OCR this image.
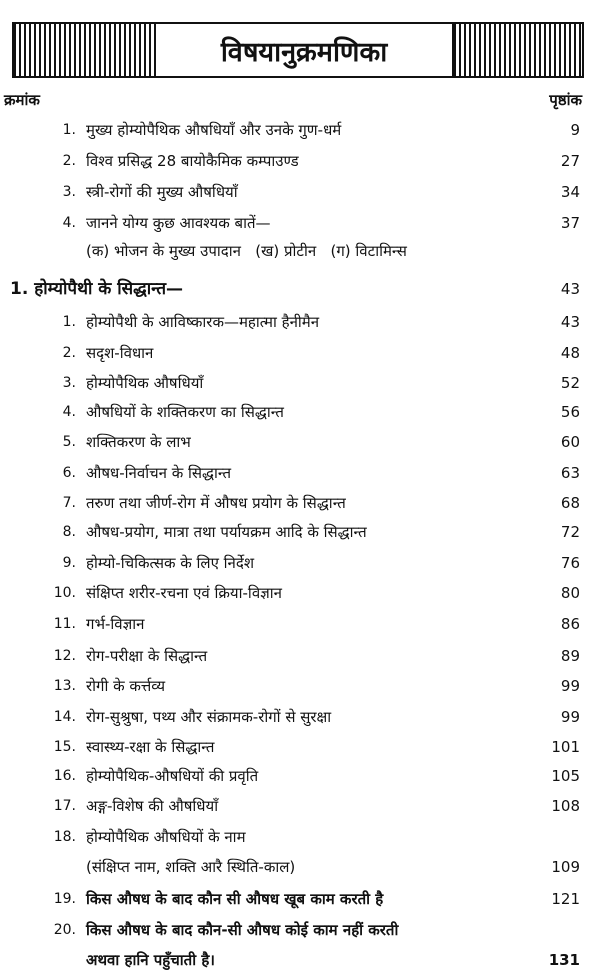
विषयानुक्रमणिका
क्रमांक	पृष्ठांक
1. मुख्य होम्योपैथिक औषधियाँ और उनके गुण-धर्म	9
2. विश्व प्रसिद्ध 28 बायोकैमिक कम्पाउण्ड	27
3. स्त्री-रोगों की मुख्य औषधियाँ	34
4. जानने योग्य कुछ आवश्यक बातें—	37
(क) भोजन के मुख्य उपादान   (ख) प्रोटीन   (ग) विटामिन्स
1. होम्योपैथी के सिद्धान्त—	43
1. होम्योपैथी के आविष्कारक—महात्मा हैनीमैन	43
2. सदृश-विधान	48
3. होम्योपैथिक औषधियाँ	52
4. औषधियों के शक्तिकरण का सिद्धान्त	56
5. शक्तिकरण के लाभ	60
6. औषध-निर्वाचन के सिद्धान्त	63
7. तरुण तथा जीर्ण-रोग में औषध प्रयोग के सिद्धान्त	68
8. औषध-प्रयोग, मात्रा तथा पर्यायक्रम आदि के सिद्धान्त	72
9. होम्यो-चिकित्सक के लिए निर्देश	76
10. संक्षिप्त शरीर-रचना एवं क्रिया-विज्ञान	80
11. गर्भ-विज्ञान	86
12. रोग-परीक्षा के सिद्धान्त	89
13. रोगी के कर्त्तव्य	99
14. रोग-सुश्रुषा, पथ्य और संक्रामक-रोगों से सुरक्षा	99
15. स्वास्थ्य-रक्षा के सिद्धान्त	101
16. होम्योपैथिक-औषधियों की प्रवृति	105
17. अङ्ग-विशेष की औषधियाँ	108
18. होम्योपैथिक औषधियों के नाम
(संक्षिप्त नाम, शक्ति आरै स्थिति-काल)	109
19. किस औषध के बाद कौन सी औषध खूब काम करती है	121
20. किस औषध के बाद कौन-सी औषध कोई काम नहीं करती
अथवा हानि पहुँचाती है।	131
